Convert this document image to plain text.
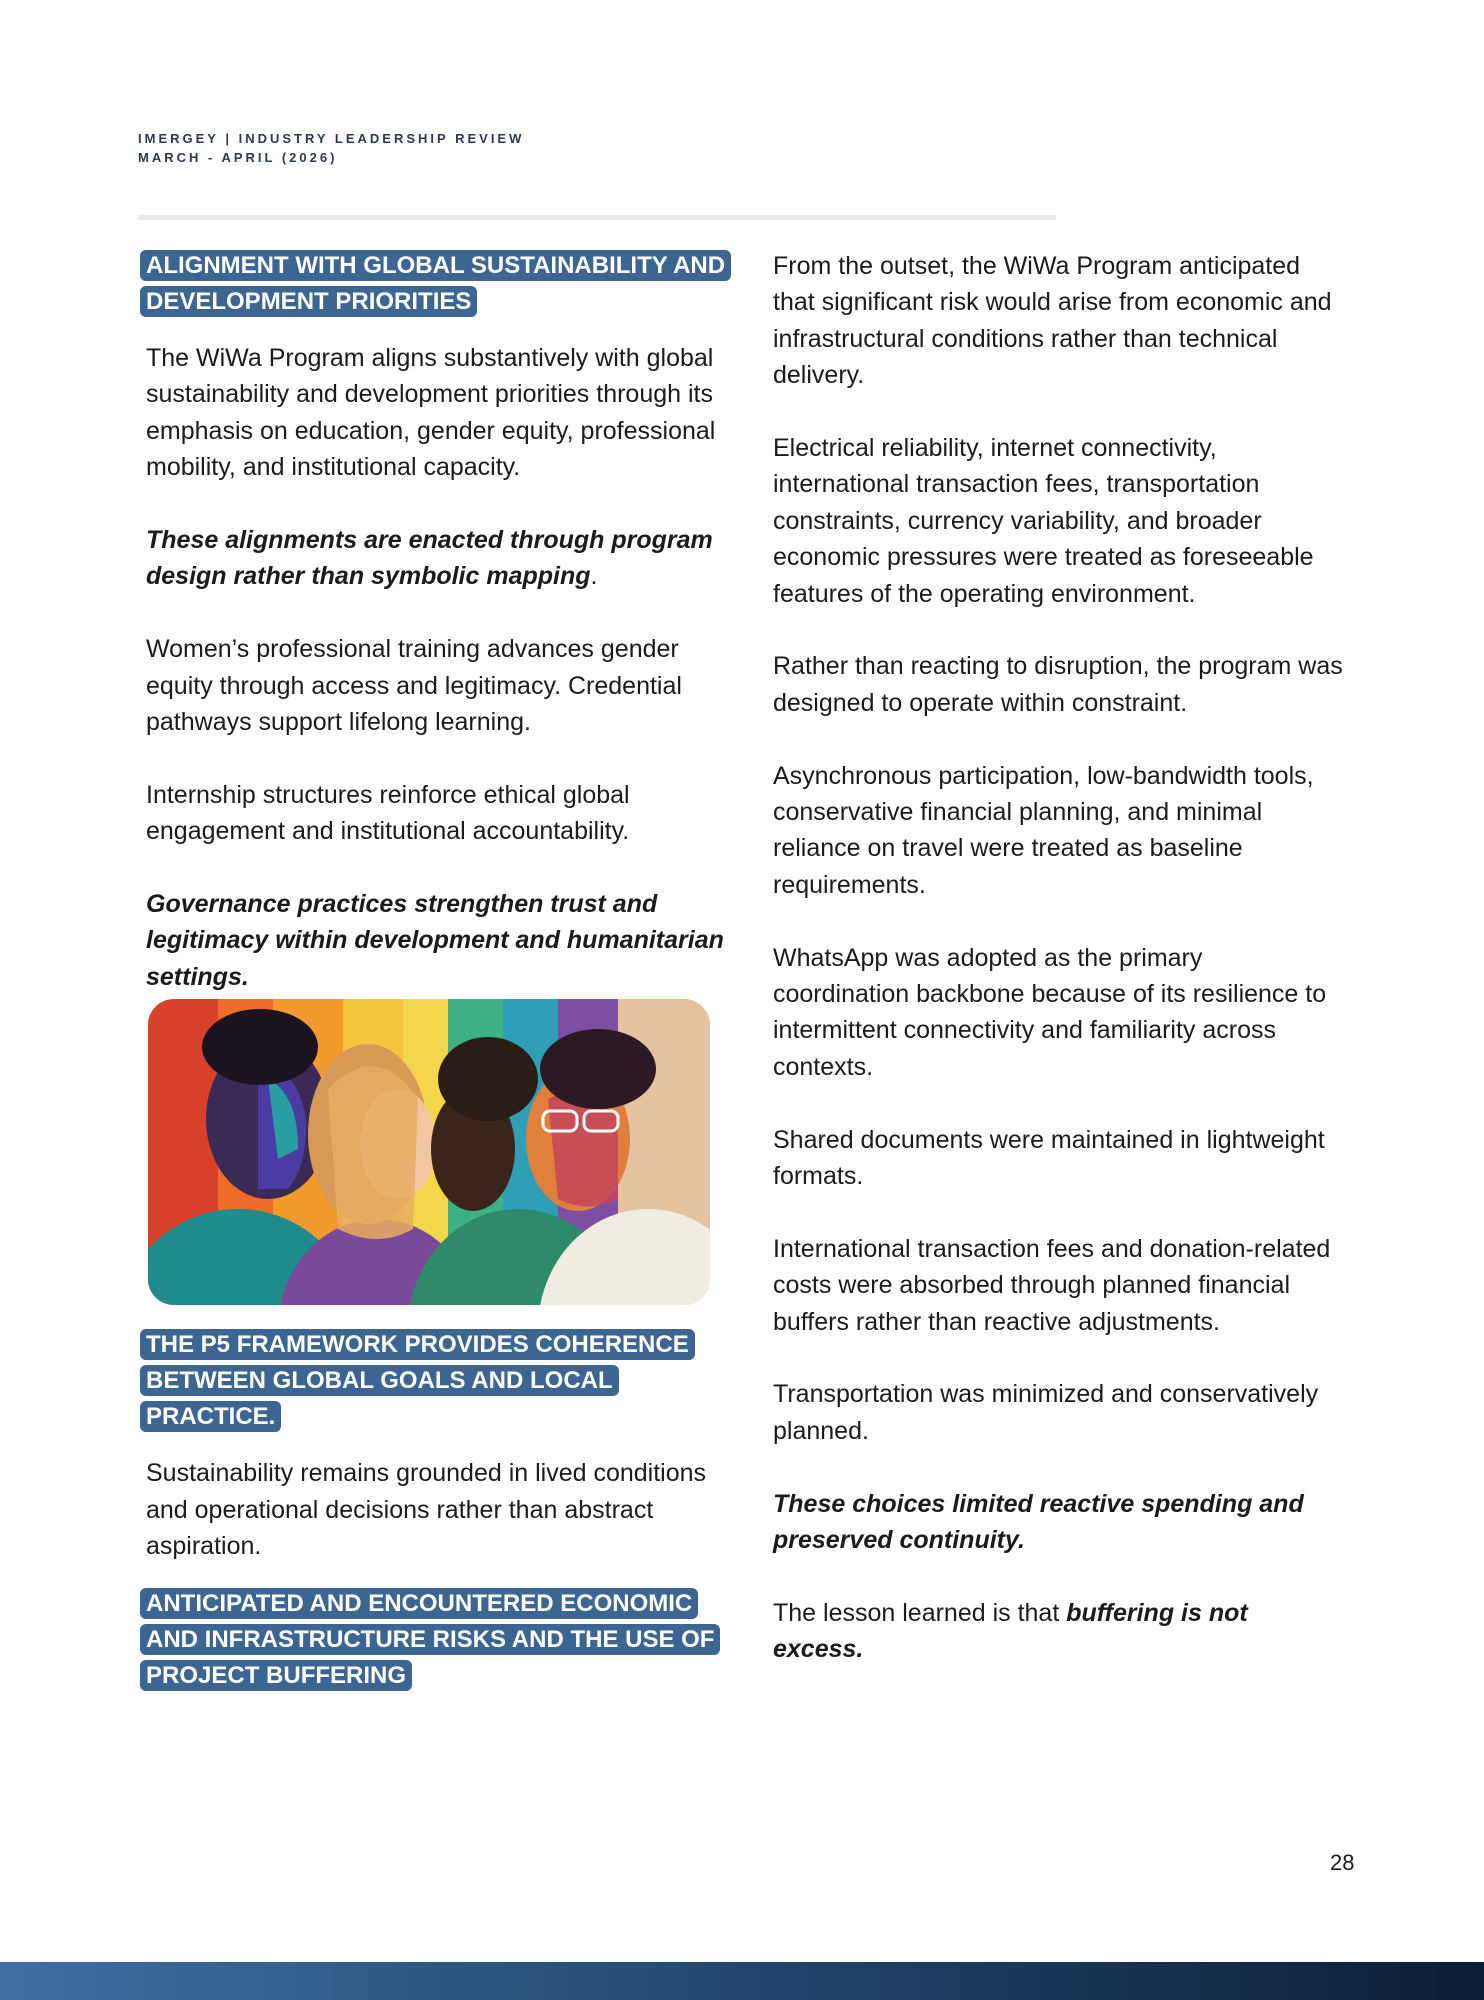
IMERGEY | INDUSTRY LEADERSHIP REVIEW
MARCH - APRIL (2026)
ALIGNMENT WITH GLOBAL SUSTAINABILITY AND DEVELOPMENT PRIORITIES

The WiWa Program aligns substantively with global sustainability and development priorities through its emphasis on education, gender equity, professional mobility, and institutional capacity.

These alignments are enacted through program design rather than symbolic mapping.

Women’s professional training advances gender equity through access and legitimacy. Credential pathways support lifelong learning.

Internship structures reinforce ethical global engagement and institutional accountability.

Governance practices strengthen trust and legitimacy within development and humanitarian settings.

THE P5 FRAMEWORK PROVIDES COHERENCE BETWEEN GLOBAL GOALS AND LOCAL PRACTICE.

Sustainability remains grounded in lived conditions and operational decisions rather than abstract aspiration.

ANTICIPATED AND ENCOUNTERED ECONOMIC AND INFRASTRUCTURE RISKS AND THE USE OF PROJECT BUFFERING

From the outset, the WiWa Program anticipated that significant risk would arise from economic and infrastructural conditions rather than technical delivery.

Electrical reliability, internet connectivity, international transaction fees, transportation constraints, currency variability, and broader economic pressures were treated as foreseeable features of the operating environment.

Rather than reacting to disruption, the program was designed to operate within constraint.

Asynchronous participation, low-bandwidth tools, conservative financial planning, and minimal reliance on travel were treated as baseline requirements.

WhatsApp was adopted as the primary coordination backbone because of its resilience to intermittent connectivity and familiarity across contexts.

Shared documents were maintained in lightweight formats.

International transaction fees and donation-related costs were absorbed through planned financial buffers rather than reactive adjustments.

Transportation was minimized and conservatively planned.

These choices limited reactive spending and preserved continuity.

The lesson learned is that buffering is not excess.

28
